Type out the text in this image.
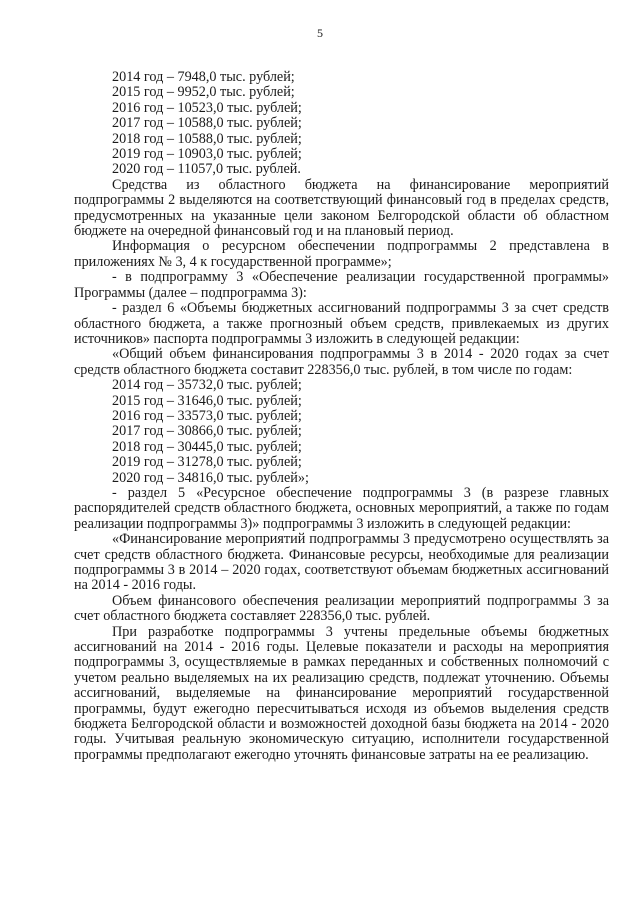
5

2014 год – 7948,0 тыс. рублей;

2015 год – 9952,0 тыс. рублей;

2016 год – 10523,0 тыс. рублей;

2017 год – 10588,0 тыс. рублей;

2018 год – 10588,0 тыс. рублей;

2019 год – 10903,0 тыс. рублей;

2020 год – 11057,0 тыс. рублей.

Средства из областного бюджета на финансирование мероприятий подпрограммы 2 выделяются на соответствующий финансовый год в пределах средств, предусмотренных на указанные цели законом Белгородской области об областном бюджете на очередной финансовый год и на плановый период.

Информация о ресурсном обеспечении подпрограммы 2 представлена в приложениях № 3, 4 к государственной программе»;

- в подпрограмму 3 «Обеспечение реализации государственной программы» Программы (далее – подпрограмма 3):

- раздел 6 «Объемы бюджетных ассигнований подпрограммы 3 за счет средств областного бюджета, а также прогнозный объем средств, привлекаемых из других источников» паспорта подпрограммы 3 изложить в следующей редакции:

«Общий объем финансирования подпрограммы 3 в 2014 - 2020 годах за счет средств областного бюджета составит 228356,0 тыс. рублей, в том числе по годам:

2014 год – 35732,0 тыс. рублей;

2015 год – 31646,0 тыс. рублей;

2016 год – 33573,0 тыс. рублей;

2017 год – 30866,0 тыс. рублей;

2018 год – 30445,0 тыс. рублей;

2019 год – 31278,0 тыс. рублей;

2020 год – 34816,0 тыс. рублей»;

- раздел 5 «Ресурсное обеспечение подпрограммы 3 (в разрезе главных распорядителей средств областного бюджета, основных мероприятий, а также по годам реализации подпрограммы 3)» подпрограммы 3 изложить в следующей редакции:

«Финансирование мероприятий подпрограммы 3 предусмотрено осуществлять за счет средств областного бюджета. Финансовые ресурсы, необходимые для реализации подпрограммы 3 в 2014 – 2020 годах, соответствуют объемам бюджетных ассигнований на 2014 - 2016 годы.

Объем финансового обеспечения реализации мероприятий подпрограммы 3 за счет областного бюджета составляет 228356,0 тыс. рублей.

При разработке подпрограммы 3 учтены предельные объемы бюджетных ассигнований на 2014 - 2016 годы. Целевые показатели и расходы на мероприятия подпрограммы 3, осуществляемые в рамках переданных и собственных полномочий с учетом реально выделяемых на их реализацию средств, подлежат уточнению. Объемы ассигнований, выделяемые на финансирование мероприятий государственной программы, будут ежегодно пересчитываться исходя из объемов выделения средств бюджета Белгородской области и возможностей доходной базы бюджета на 2014 - 2020 годы. Учитывая реальную экономическую ситуацию, исполнители государственной программы предполагают ежегодно уточнять финансовые затраты на ее реализацию.
